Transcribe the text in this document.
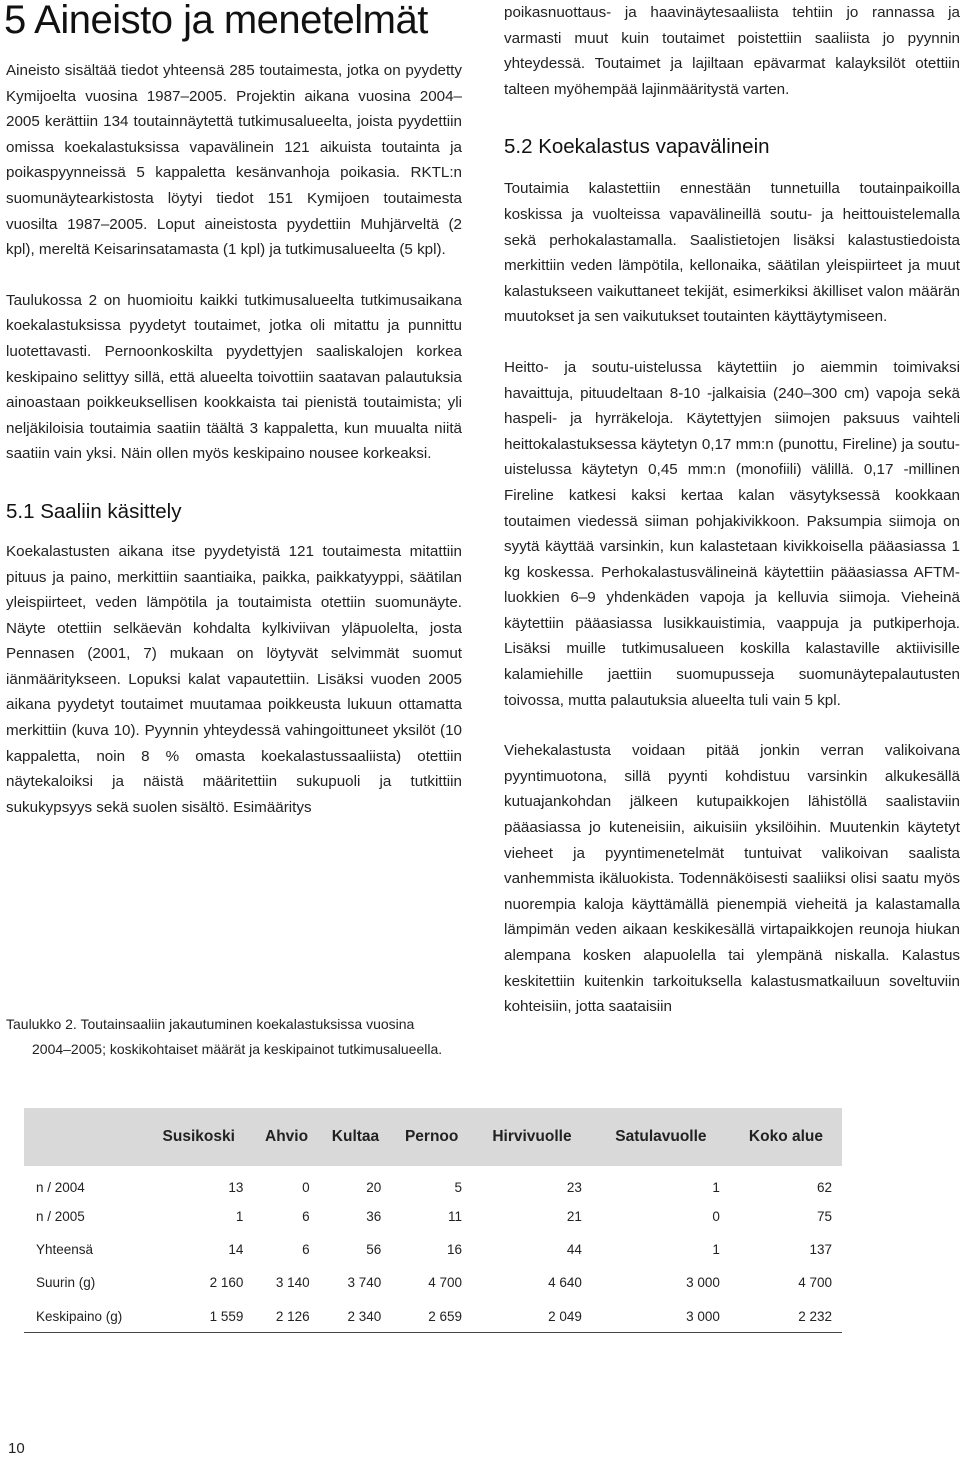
5 Aineisto ja menetelmät

Aineisto sisältää tiedot yhteensä 285 toutaimesta, jotka on pyydetty Kymijoelta vuosina 1987–2005. Projektin aikana vuosina 2004–2005 kerättiin 134 toutainnäytettä tutkimusalueelta, joista pyydettiin omissa koekalastuksissa vapavälinein 121 aikuista toutainta ja poikaspyynneissä 5 kappaletta kesänvanhoja poikasia. RKTL:n suomunäytearkistosta löytyi tiedot 151 Kymijoen toutaimesta vuosilta 1987–2005. Loput aineistosta pyydettiin Muhjärveltä (2 kpl), mereltä Keisarinsatamasta (1 kpl) ja tutkimusalueelta (5 kpl).

Taulukossa 2 on huomioitu kaikki tutkimusalueelta tutkimusaikana koekalastuksissa pyydetyt toutaimet, jotka oli mitattu ja punnittu luotettavasti. Pernoonkoskilta pyydettyjen saaliskalojen korkea keskipaino selittyy sillä, että alueelta toivottiin saatavan palautuksia ainoastaan poikkeuksellisen kookkaista tai pienistä toutaimista; yli neljäkiloisia toutaimia saatiin täältä 3 kappaletta, kun muualta niitä saatiin vain yksi. Näin ollen myös keskipaino nousee korkeaksi.

5.1 Saaliin käsittely

Koekalastusten aikana itse pyydetyistä 121 toutaimesta mitattiin pituus ja paino, merkittiin saantiaika, paikka, paikkatyyppi, säätilan yleispiirteet, veden lämpötila ja toutaimista otettiin suomunäyte. Näyte otettiin selkäevän kohdalta kylkiviivan yläpuolelta, josta Pennasen (2001, 7) mukaan on löytyvät selvimmät suomut iänmääritykseen. Lopuksi kalat vapautettiin. Lisäksi vuoden 2005 aikana pyydetyt toutaimet muutamaa poikkeusta lukuun ottamatta merkittiin (kuva 10). Pyynnin yhteydessä vahingoittuneet yksilöt (10 kappaletta, noin 8 % omasta koekalastussaaliista) otettiin näytekaloiksi ja näistä määritettiin sukupuoli ja tutkittiin sukukypsyys sekä suolen sisältö. Esimääritys

poikasnuottaus- ja haavinäytesaaliista tehtiin jo rannassa ja varmasti muut kuin toutaimet poistettiin saaliista jo pyynnin yhteydessä. Toutaimet ja lajiltaan epävarmat kalayksilöt otettiin talteen myöhempää lajinmääritystä varten.

5.2 Koekalastus vapavälinein

Toutaimia kalastettiin ennestään tunnetuilla toutainpaikoilla koskissa ja vuolteissa vapavälineillä soutu- ja heittouistelemalla sekä perhokalastamalla. Saalistietojen lisäksi kalastustiedoista merkittiin veden lämpötila, kellonaika, säätilan yleispiirteet ja muut kalastukseen vaikuttaneet tekijät, esimerkiksi äkilliset valon määrän muutokset ja sen vaikutukset toutainten käyttäytymiseen.

Heitto- ja soutu-uistelussa käytettiin jo aiemmin toimivaksi havaittuja, pituudeltaan 8-10 -jalkaisia (240–300 cm) vapoja sekä haspeli- ja hyrräkeloja. Käytettyjen siimojen paksuus vaihteli heittokalastuksessa käytetyn 0,17 mm:n (punottu, Fireline) ja soutu-uistelussa käytetyn 0,45 mm:n (monofiili) välillä. 0,17 -millinen Fireline katkesi kaksi kertaa kalan väsytyksessä kookkaan toutaimen viedessä siiman pohjakivikkoon. Paksumpia siimoja on syytä käyttää varsinkin, kun kalastetaan kivikkoisella pääasiassa 1 kg koskessa. Perhokalastusvälineinä käytettiin pääasiassa AFTM-luokkien 6–9 yhdenkäden vapoja ja kelluvia siimoja. Vieheinä käytettiin pääasiassa lusikkauistimia, vaappuja ja putkiperhoja. Lisäksi muille tutkimusalueen koskilla kalastaville aktiivisille kalamiehille jaettiin suomupusseja suomunäytepalautusten toivossa, mutta palautuksia alueelta tuli vain 5 kpl.

Viehekalastusta voidaan pitää jonkin verran valikoivana pyyntimuotona, sillä pyynti kohdistuu varsinkin alkukesällä kutuajankohdan jälkeen kutupaikkojen lähistöllä saalistaviin pääasiassa jo kuteneisiin, aikuisiin yksilöihin. Muutenkin käytetyt vieheet ja pyyntimenetelmät tuntuivat valikoivan saalista vanhemmista ikäluokista. Todennäköisesti saaliiksi olisi saatu myös nuorempia kaloja käyttämällä pienempiä vieheitä ja kalastamalla lämpimän veden aikaan keskikesällä virtapaikkojen reunoja hiukan alempana kosken alapuolella tai ylempänä niskalla. Kalastus keskitettiin kuitenkin tarkoituksella kalastusmatkailuun soveltuviin kohteisiin, jotta saataisiin

Taulukko 2. Toutainsaaliin jakautuminen koekalastuksissa vuosina
2004–2005; koskikohtaiset määrät ja keskipainot tutkimusalueella.
	Susikoski	Ahvio	Kultaa	Pernoo	Hirvivuolle	Satulavuolle	Koko alue
n / 2004	13	0	20	5	23	1	62
n / 2005	1	6	36	11	21	0	75
Yhteensä	14	6	56	16	44	1	137
Suurin (g)	2 160	3 140	3 740	4 700	4 640	3 000	4 700
Keskipaino (g)	1 559	2 126	2 340	2 659	2 049	3 000	2 232
10
